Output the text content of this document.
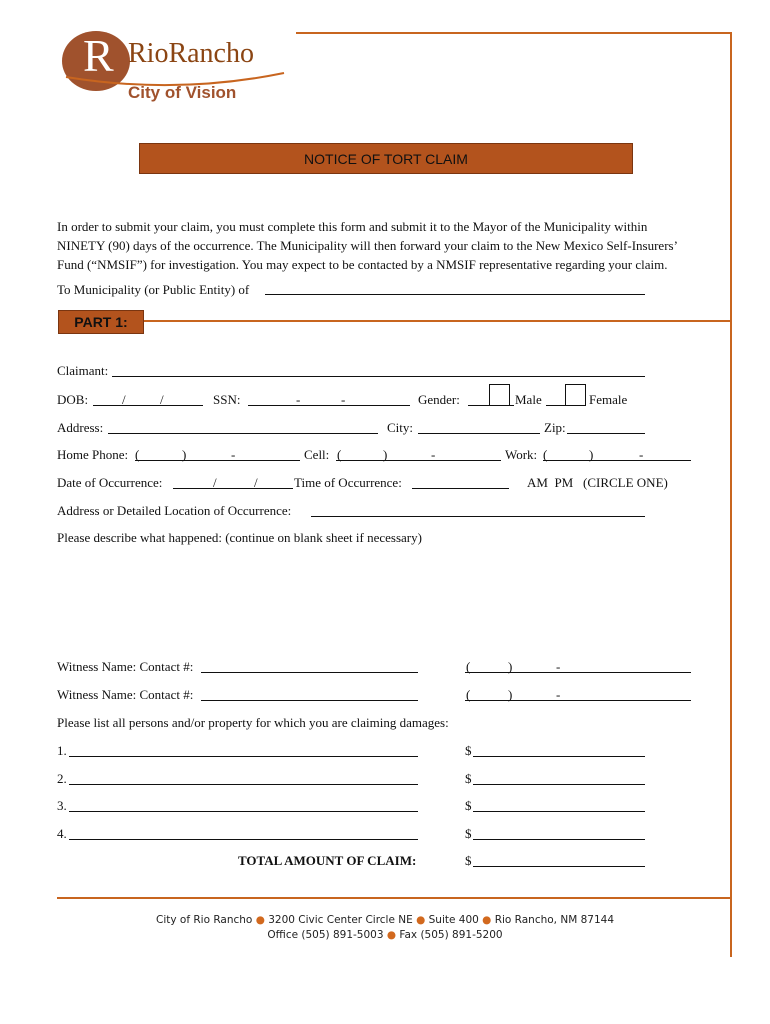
R RioRancho
City of Vision
NOTICE OF TORT CLAIM
In order to submit your claim, you must complete this form and submit it to the Mayor of the Municipality within NINETY (90) days of the occurrence. The Municipality will then forward your claim to the New Mexico Self-Insurers’ Fund (“NMSIF”) for investigation. You may expect to be contacted by a NMSIF representative regarding your claim.
To Municipality (or Public Entity) of
PART 1:
Claimant:
DOB:	/	/	SSN:	-	-	Gender:	Male	Female
Address:	City:	Zip:
Home Phone: (	)	-	Cell: (	)	-	Work: (	)	-
Date of Occurrence:	/	/	Time of Occurrence:	AM  PM   (CIRCLE ONE)
Address or Detailed Location of Occurrence:
Please describe what happened: (continue on blank sheet if necessary)
Witness Name: Contact #:	(	)	-
Witness Name: Contact #:	(	)	-
Please list all persons and/or property for which you are claiming damages:
1.	$
2.	$
3.	$
4.	$
TOTAL AMOUNT OF CLAIM:	$
City of Rio Rancho ● 3200 Civic Center Circle NE ● Suite 400 ● Rio Rancho, NM 87144
Office (505) 891-5003 ● Fax (505) 891-5200
